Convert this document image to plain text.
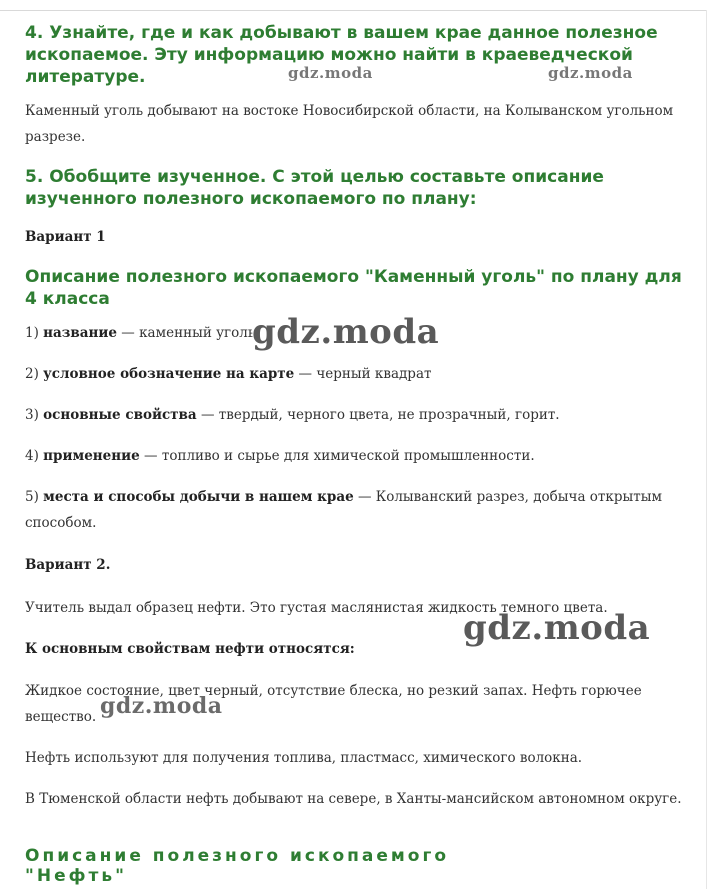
4. Узнайте, где и как добывают в вашем крае данное полезное ископаемое. Эту информацию можно найти в краеведческой литературе.

Каменный уголь добывают на востоке Новосибирской области, на Колыванском угольном разрезе.

5. Обобщите изученное. С этой целью составьте описание изученного полезного ископаемого по плану:

Вариант 1

Описание полезного ископаемого "Каменный уголь" по плану для 4 класса

1) название — каменный уголь

2) условное обозначение на карте — черный квадрат

3) основные свойства — твердый, черного цвета, не прозрачный, горит.

4) применение — топливо и сырье для химической промышленности.

5) места и способы добычи в нашем крае — Колыванский разрез, добыча открытым способом.

Вариант 2.

Учитель выдал образец нефти. Это густая маслянистая жидкость темного цвета.

К основным свойствам нефти относятся:

Жидкое состояние, цвет черный, отсутствие блеска, но резкий запах. Нефть горючее вещество.

Нефть используют для получения топлива, пластмасс, химического волокна.

В Тюменской области нефть добывают на севере, в Ханты-мансийском автономном округе.

Описание полезного ископаемого "Нефть"
gdz.moda	gdz.moda
gdz.moda
gdz.moda
gdz.moda
